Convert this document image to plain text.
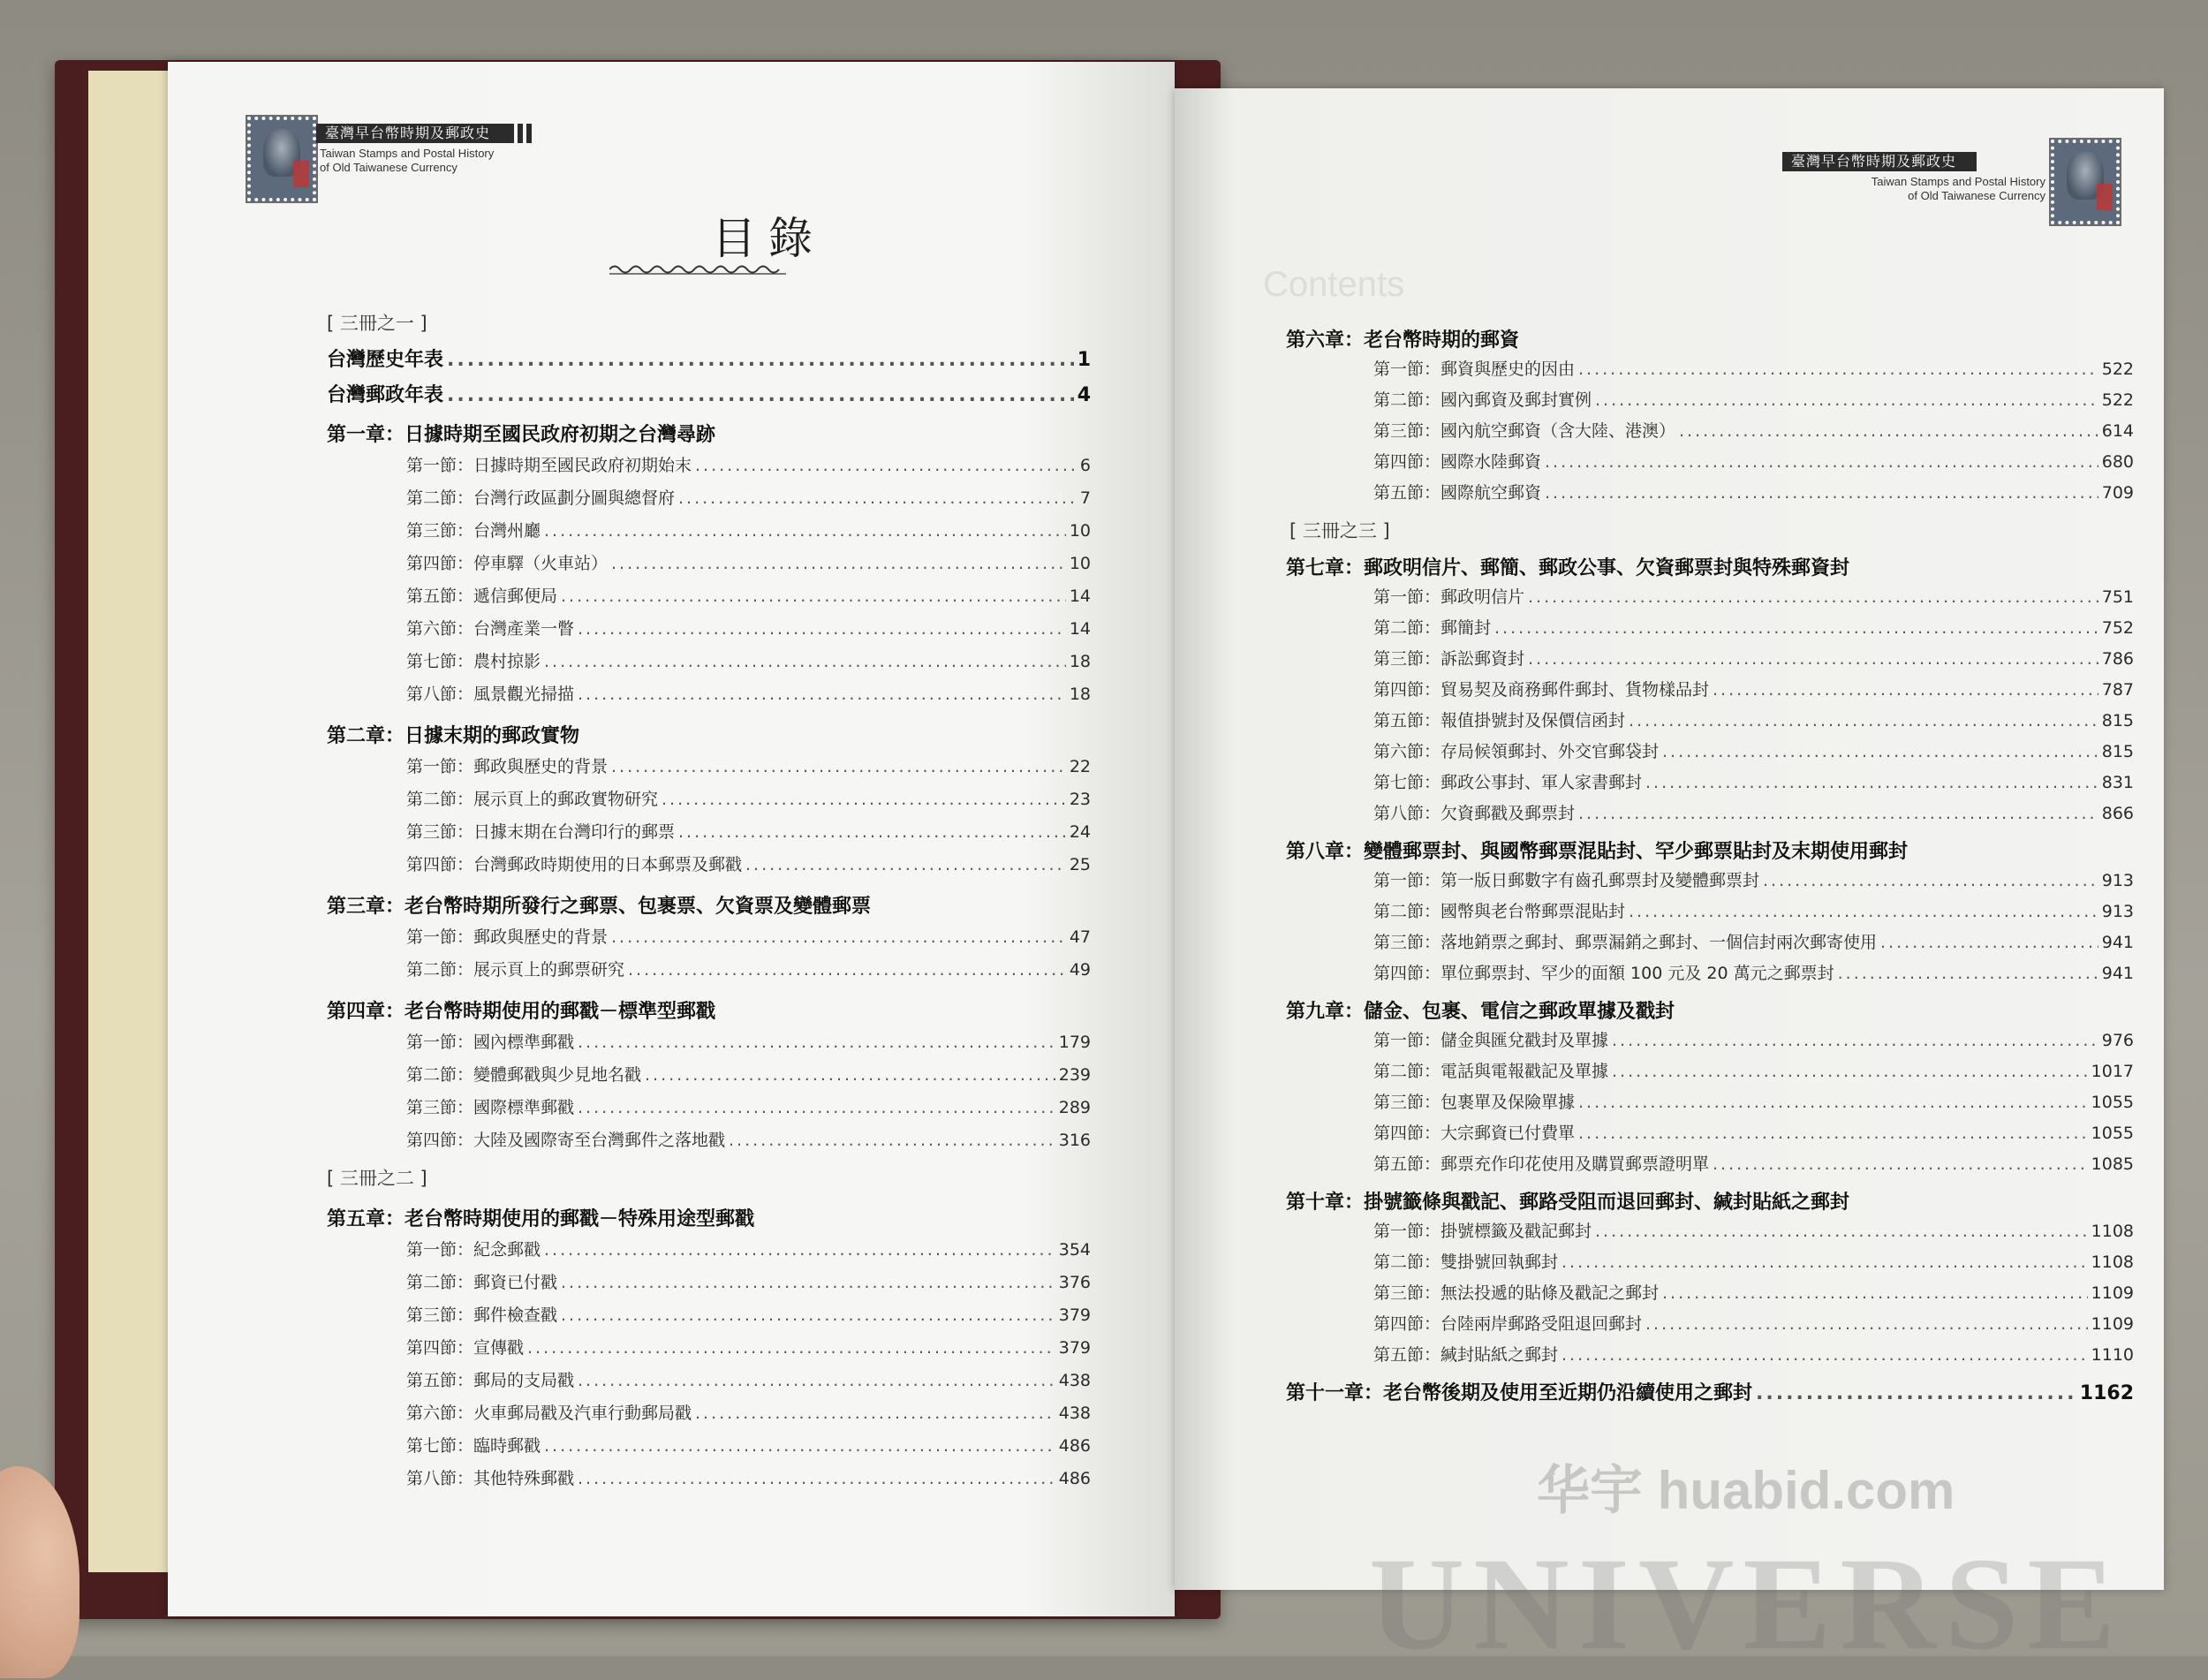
臺灣早台幣時期及郵政史
Taiwan Stamps and Postal History
of Old Taiwanese Currency
目錄
[ 三冊之一 ]
台灣歷史年表 .....	1
台灣郵政年表 .....	4
第一章：日據時期至國民政府初期之台灣尋跡
第一節：日據時期至國民政府初期始末 .....	6
第二節：台灣行政區劃分圖與總督府 .....	7
第三節：台灣州廳 .....	10
第四節：停車驛（火車站） .....	10
第五節：遞信郵便局 .....	14
第六節：台灣產業一瞥 .....	14
第七節：農村掠影 .....	18
第八節：風景觀光掃描 .....	18
第二章：日據末期的郵政實物
第一節：郵政與歷史的背景 .....	22
第二節：展示頁上的郵政實物研究 .....	23
第三節：日據末期在台灣印行的郵票 .....	24
第四節：台灣郵政時期使用的日本郵票及郵戳 .....	25
第三章：老台幣時期所發行之郵票、包裹票、欠資票及變體郵票
第一節：郵政與歷史的背景 .....	47
第二節：展示頁上的郵票研究 .....	49
第四章：老台幣時期使用的郵戳－標準型郵戳
第一節：國內標準郵戳 .....	179
第二節：變體郵戳與少見地名戳 .....	239
第三節：國際標準郵戳 .....	289
第四節：大陸及國際寄至台灣郵件之落地戳 .....	316
[ 三冊之二 ]
第五章：老台幣時期使用的郵戳－特殊用途型郵戳
第一節：紀念郵戳 .....	354
第二節：郵資已付戳 .....	376
第三節：郵件檢查戳 .....	379
第四節：宣傳戳 .....	379
第五節：郵局的支局戳 .....	438
第六節：火車郵局戳及汽車行動郵局戳 .....	438
第七節：臨時郵戳 .....	486
第八節：其他特殊郵戳 .....	486
Contents
臺灣早台幣時期及郵政史
Taiwan Stamps and Postal History
of Old Taiwanese Currency
第六章：老台幣時期的郵資
第一節：郵資與歷史的因由 .....	522
第二節：國內郵資及郵封實例 .....	522
第三節：國內航空郵資（含大陸、港澳） .....	614
第四節：國際水陸郵資 .....	680
第五節：國際航空郵資 .....	709
[ 三冊之三 ]
第七章：郵政明信片、郵簡、郵政公事、欠資郵票封與特殊郵資封
第一節：郵政明信片 .....	751
第二節：郵簡封 .....	752
第三節：訴訟郵資封 .....	786
第四節：貿易契及商務郵件郵封、貨物樣品封 .....	787
第五節：報值掛號封及保價信函封 .....	815
第六節：存局候領郵封、外交官郵袋封 .....	815
第七節：郵政公事封、軍人家書郵封 .....	831
第八節：欠資郵戳及郵票封 .....	866
第八章：變體郵票封、與國幣郵票混貼封、罕少郵票貼封及末期使用郵封
第一節：第一版日郵數字有齒孔郵票封及變體郵票封 .....	913
第二節：國幣與老台幣郵票混貼封 .....	913
第三節：落地銷票之郵封、郵票漏銷之郵封、一個信封兩次郵寄使用 .....	941
第四節：單位郵票封、罕少的面額 100 元及 20 萬元之郵票封 .....	941
第九章：儲金、包裹、電信之郵政單據及戳封
第一節：儲金與匯兌戳封及單據 .....	976
第二節：電話與電報戳記及單據 .....	1017
第三節：包裹單及保險單據 .....	1055
第四節：大宗郵資已付費單 .....	1055
第五節：郵票充作印花使用及購買郵票證明單 .....	1085
第十章：掛號籤條與戳記、郵路受阻而退回郵封、緘封貼紙之郵封
第一節：掛號標籤及戳記郵封 .....	1108
第二節：雙掛號回執郵封 .....	1108
第三節：無法投遞的貼條及戳記之郵封 .....	1109
第四節：台陸兩岸郵路受阻退回郵封 .....	1109
第五節：緘封貼紙之郵封 .....	1110
第十一章：老台幣後期及使用至近期仍沿續使用之郵封 .....	1162
华宇 huabid.com
UNIVERSE
